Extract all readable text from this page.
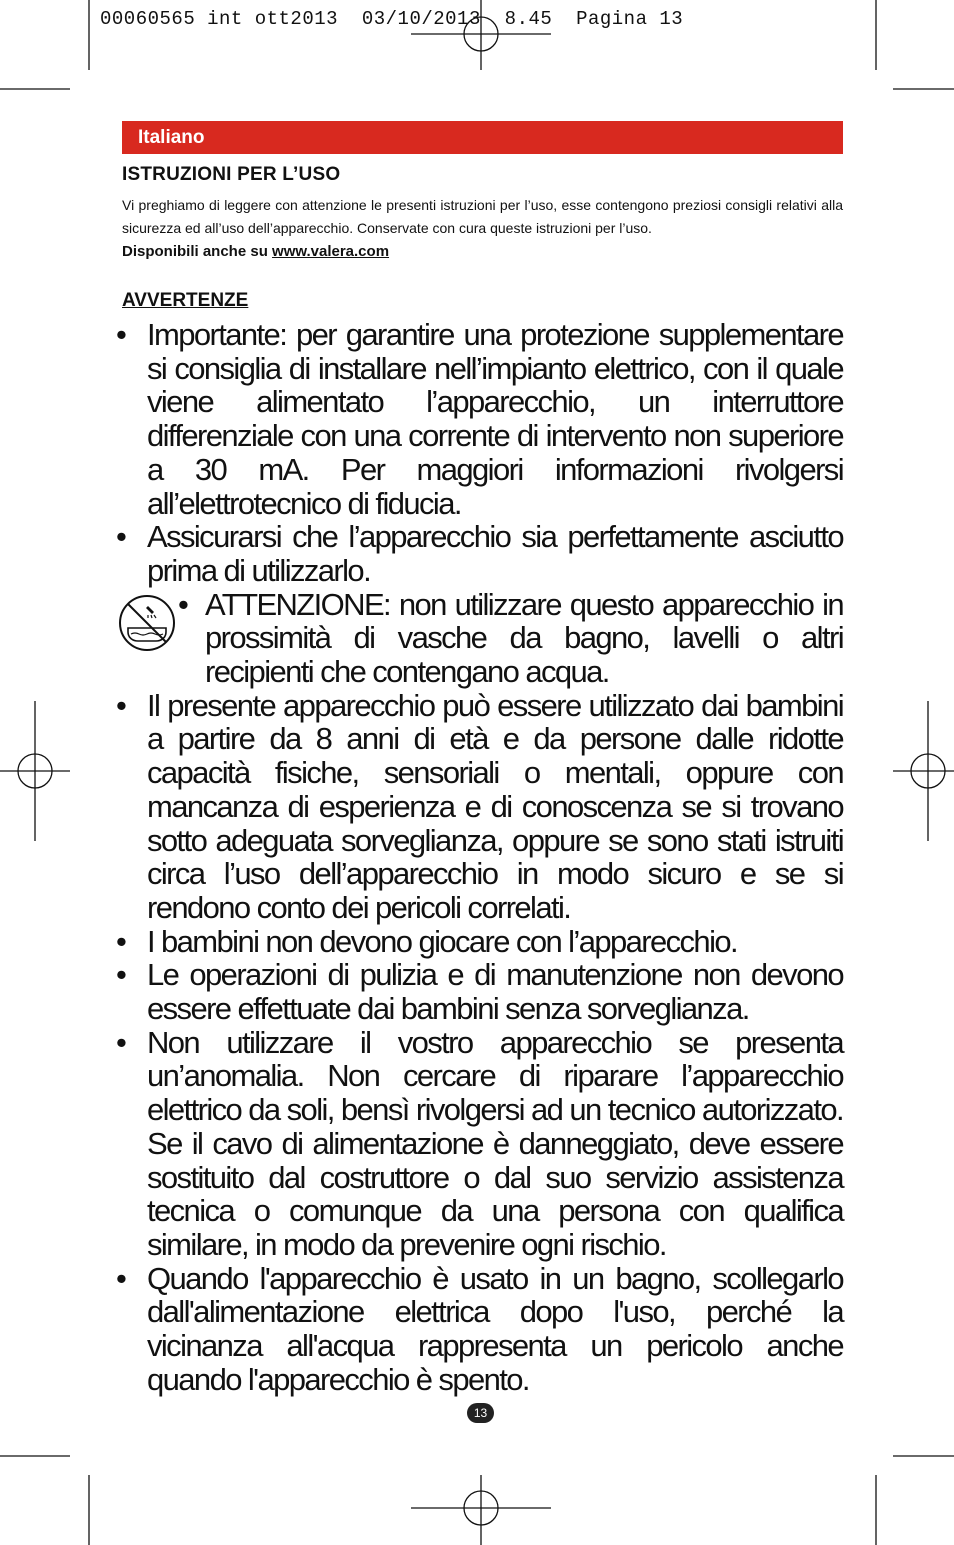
00060565 int ott2013  03/10/2013  8.45  Pagina 13
Italiano
ISTRUZIONI PER L’USO
Vi preghiamo di leggere con attenzione le presenti istruzioni per l’uso, esse contengono preziosi consigli relativi alla sicurezza ed all’uso dell’apparecchio. Conservate con cura queste istruzioni per l’uso.
Disponibili anche su www.valera.com
AVVERTENZE
• Importante: per garantire una protezione supplementare si consiglia di installare nell’impianto elettrico, con il quale viene alimentato l’apparecchio, un interruttore differenziale con una corrente di intervento non superiore a 30 mA. Per maggiori informazioni rivolgersi all’elettrotecnico di fiducia.
• Assicurarsi che l’apparecchio sia perfettamente asciutto prima di utilizzarlo.
• ATTENZIONE: non utilizzare questo apparecchio in prossimità di vasche da bagno, lavelli o altri recipienti che contengano acqua.
• Il presente apparecchio può essere utilizzato dai bambini a partire da 8 anni di età e da persone dalle ridotte capacità fisiche, sensoriali o mentali, oppure con mancanza di esperienza e di conoscenza se si trovano sotto adeguata sorveglianza, oppure se sono stati istruiti circa l’uso dell’apparecchio in modo sicuro e se si rendono conto dei pericoli correlati.
• I bambini non devono giocare con l’apparecchio.
• Le operazioni di pulizia e di manutenzione non devono essere effettuate dai bambini senza sorveglianza.
• Non utilizzare il vostro apparecchio se presenta un’anomalia. Non cercare di riparare l’apparecchio elettrico da soli, bensì rivolgersi ad un tecnico autorizzato. Se il cavo di alimentazione è danneggiato, deve essere sostituito dal costruttore o dal suo servizio assistenza tecnica o comunque da una persona con qualifica similare, in modo da prevenire ogni rischio.
• Quando l'apparecchio è usato in un bagno, scollegarlo dall'alimentazione elettrica dopo l'uso, perché la vicinanza all'acqua rappresenta un pericolo anche quando l'apparecchio è spento.
13
